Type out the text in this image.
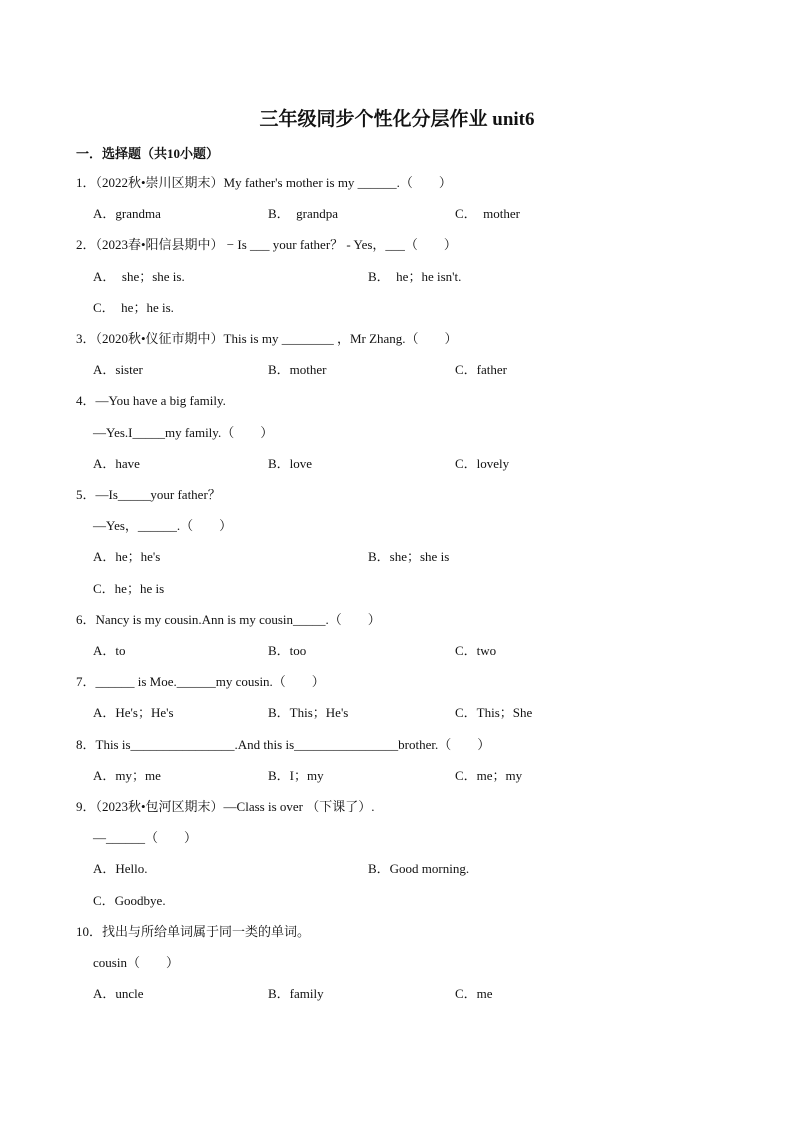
三年级同步个性化分层作业 unit6
一．选择题（共10小题）
1．（2022秋•崇川区期末）My father's mother is my ______.（　　）
A．grandma	B．  grandpa	C．  mother
2．（2023春•阳信县期中） − Is ___ your father？ - Yes，___（　　）
A．  she；she is.	B．  he；he isn't.
C．  he；he is.
3．（2020秋•仪征市期中）This is my ________ ，Mr Zhang.（　　）
A．sister	B．mother	C．father
4．—You have a big family.
—Yes.I_____my family.（　　）
A．have	B．love	C．lovely
5．—Is_____your father？
—Yes，______.（　　）
A．he；he's	B．she；she is
C．he；he is
6．Nancy is my cousin.Ann is my cousin_____.（　　）
A．to	B．too	C．two
7．______ is Moe.______my cousin.（　　）
A．He's；He's	B．This；He's	C．This；She
8．This is________________.And this is________________brother.（　　）
A．my；me	B．I；my	C．me；my
9．（2023秋•包河区期末）—Class is over （下课了）.
—______（　　）
A．Hello.	B．Good morning.
C．Goodbye.
10．找出与所给单词属于同一类的单词。
cousin（　　）
A．uncle	B．family	C．me
